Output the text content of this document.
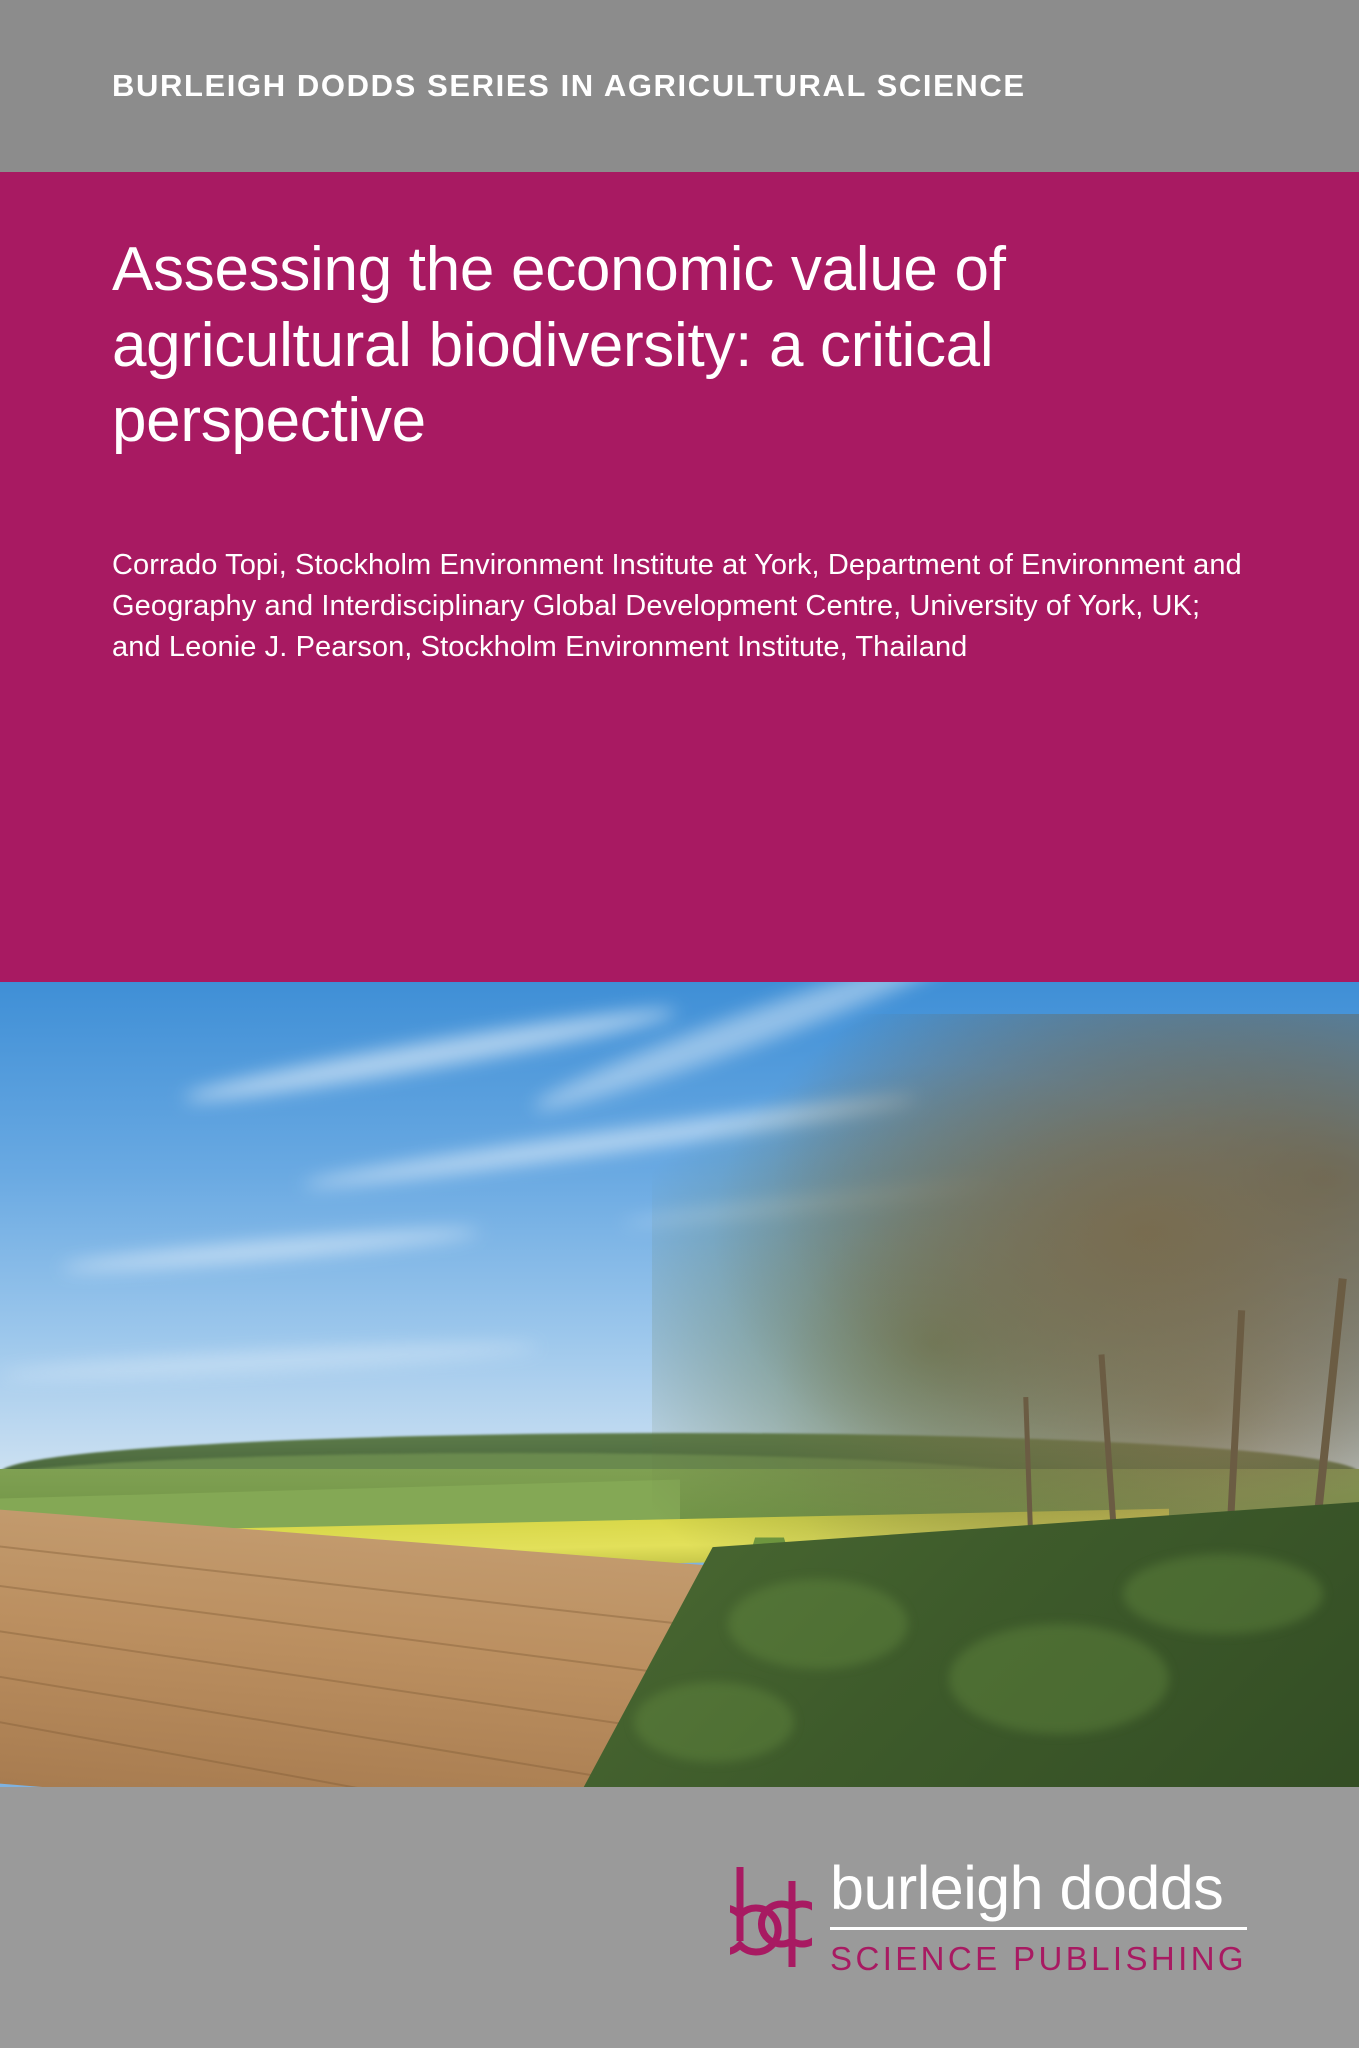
BURLEIGH DODDS SERIES IN AGRICULTURAL SCIENCE
Assessing the economic value of agricultural biodiversity: a critical perspective
Corrado Topi, Stockholm Environment Institute at York, Department of Environment and Geography and Interdisciplinary Global Development Centre, University of York, UK; and Leonie J. Pearson, Stockholm Environment Institute, Thailand
burleigh dodds
SCIENCE PUBLISHING
